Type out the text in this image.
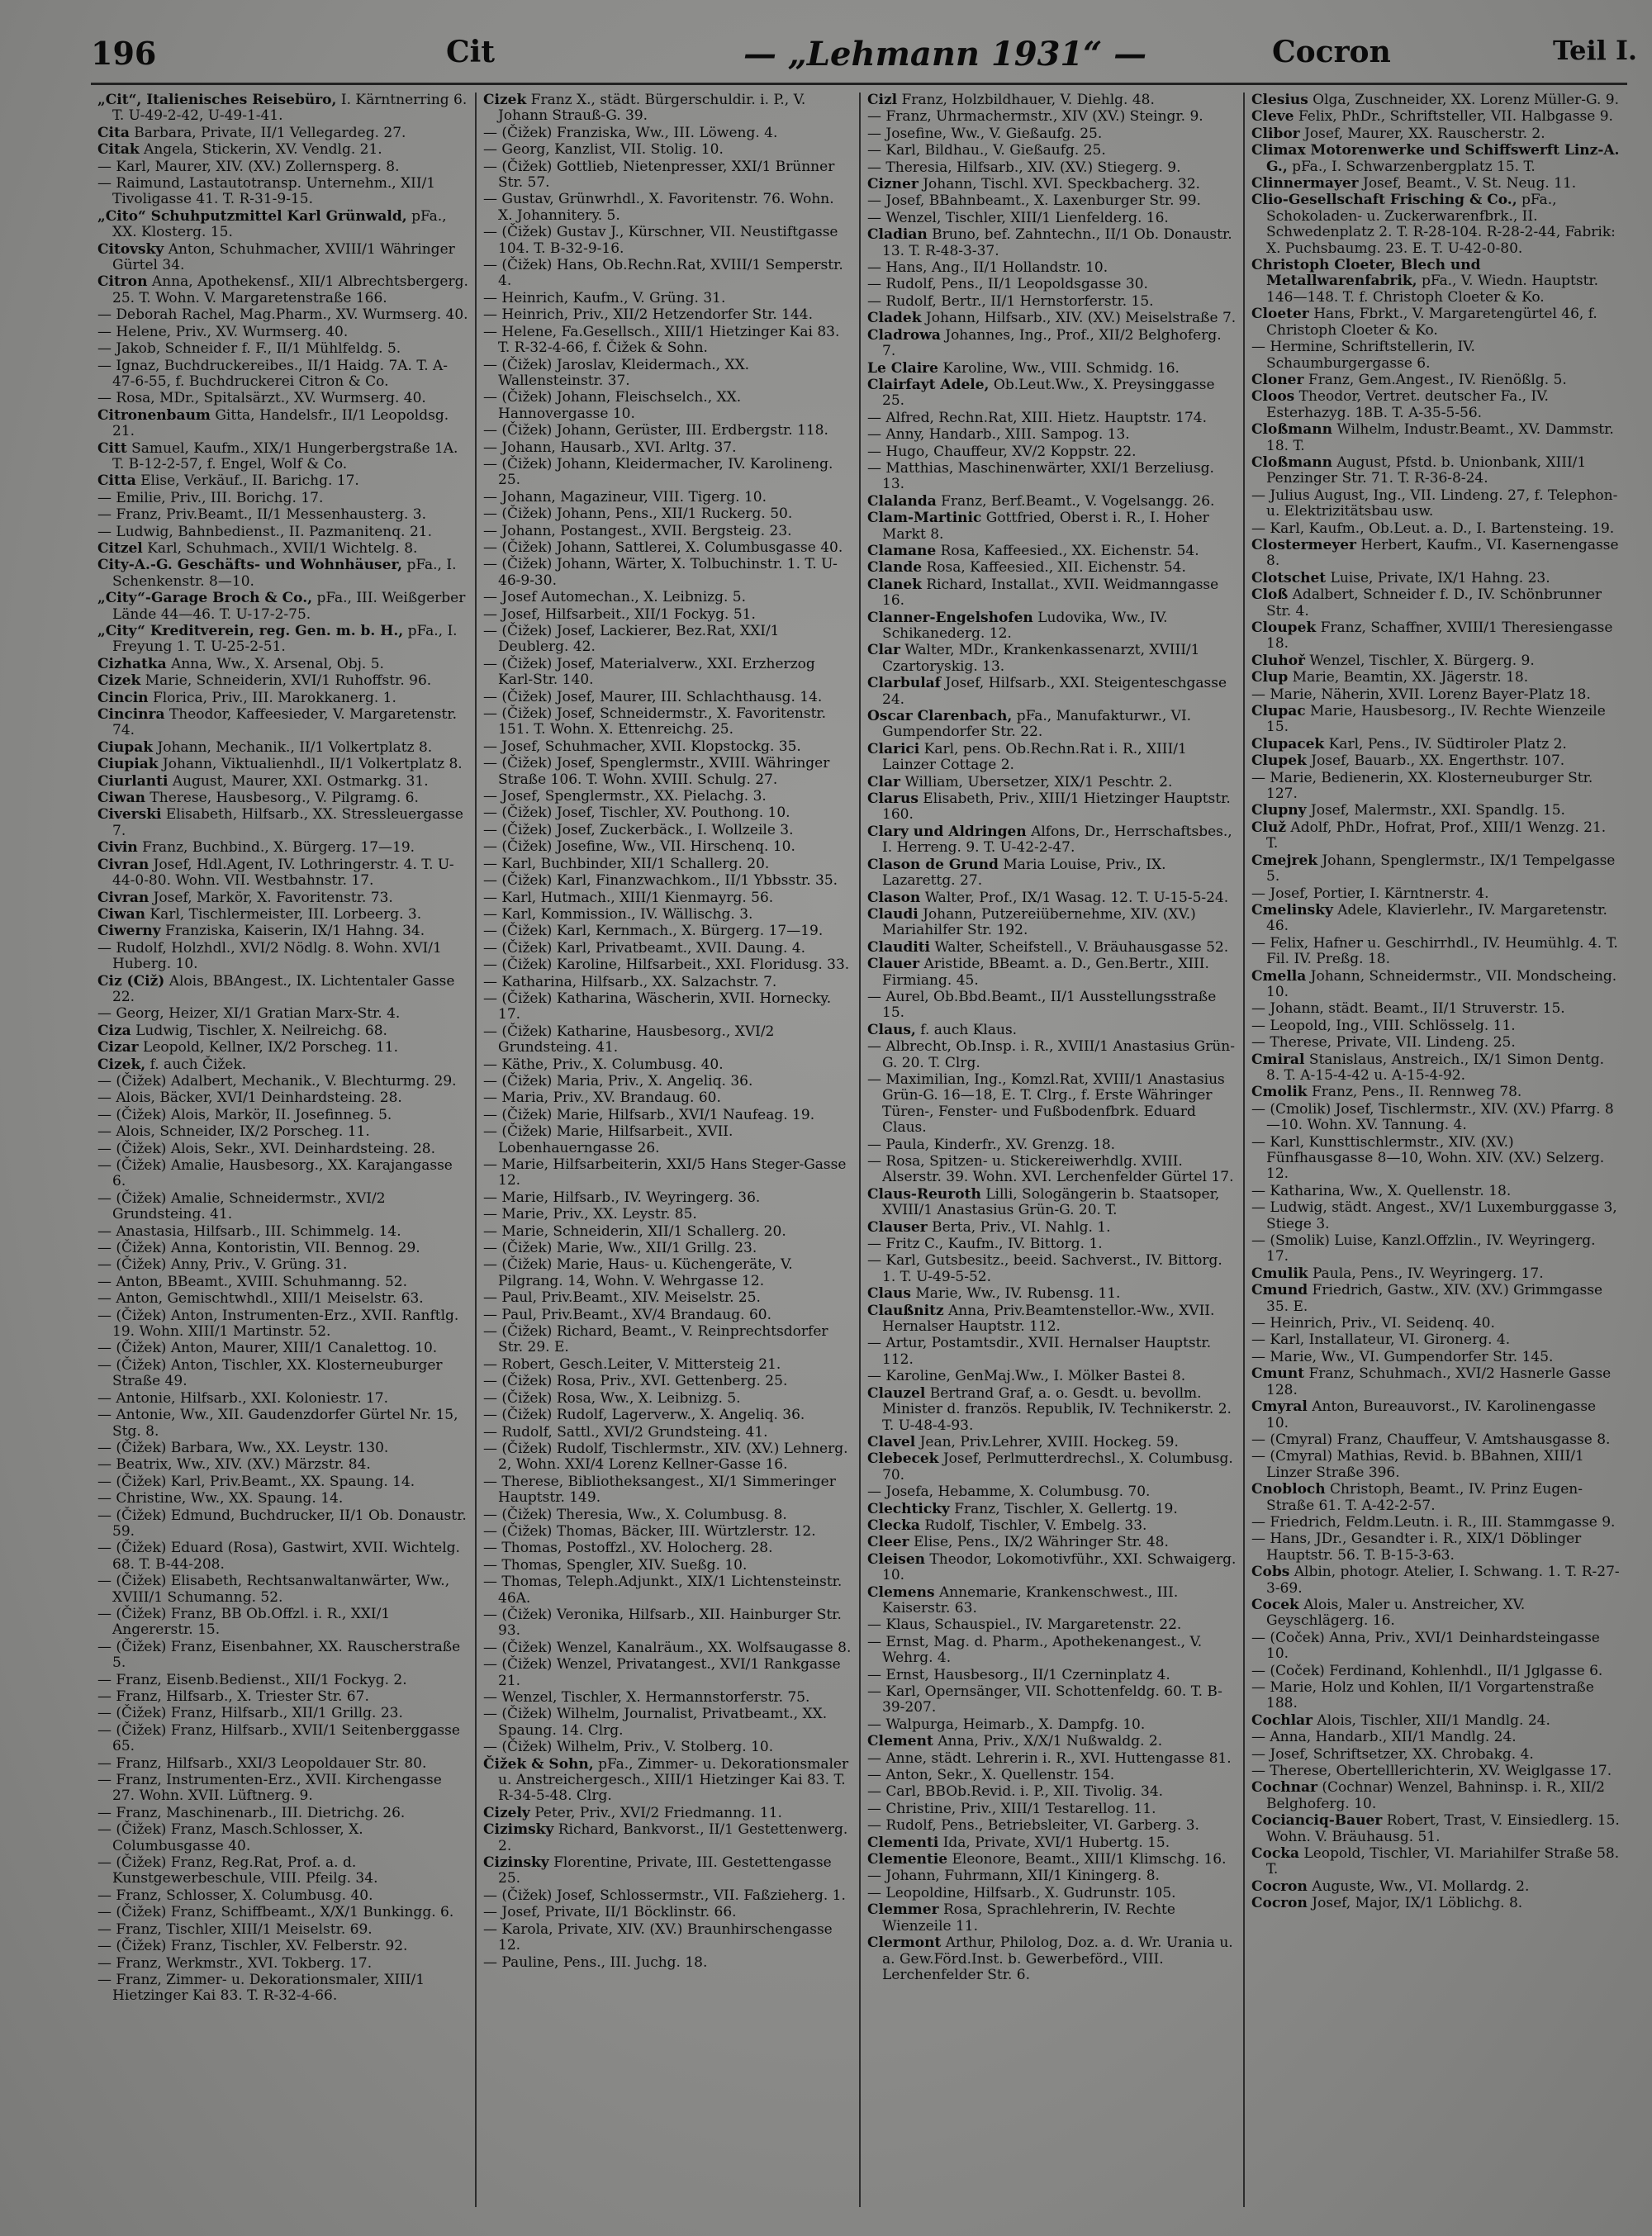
196	Cit	— „Lehmann 1931“ —	Cocron	Teil I.
„Cit“, Italienisches Reisebüro, I. Kärntnerring 6. T. U-49-2-42, U-49-1-41.
Cita Barbara, Private, II/1 Vellegardeg. 27.
Citak Angela, Stickerin, XV. Vendlg. 21.
— Karl, Maurer, XIV. (XV.) Zollernsperg. 8.
— Raimund, Lastautotransp. Unternehm., XII/1 Tivoligasse 41. T. R-31-9-15.
„Cito“ Schuhputzmittel Karl Grünwald, pFa., XX. Klosterg. 15.
Citovsky Anton, Schuhmacher, XVIII/1 Währinger Gürtel 34.
Citron Anna, Apothekensf., XII/1 Albrechtsbergerg. 25. T. Wohn. V. Margaretenstraße 166.
— Deborah Rachel, Mag.Pharm., XV. Wurmserg. 40.
— Helene, Priv., XV. Wurmserg. 40.
— Jakob, Schneider f. F., II/1 Mühlfeldg. 5.
— Ignaz, Buchdruckereibes., II/1 Haidg. 7A. T. A-47-6-55, f. Buchdruckerei Citron & Co.
— Rosa, MDr., Spitalsärzt., XV. Wurmserg. 40.
Citronenbaum Gitta, Handelsfr., II/1 Leopoldsg. 21.
Citt Samuel, Kaufm., XIX/1 Hungerbergstraße 1A. T. B-12-2-57, f. Engel, Wolf & Co.
Citta Elise, Verkäuf., II. Barichg. 17.
— Emilie, Priv., III. Borichg. 17.
— Franz, Priv.Beamt., II/1 Messenhausterg. 3.
— Ludwig, Bahnbedienst., II. Pazmanitenq. 21.
Citzel Karl, Schuhmach., XVII/1 Wichtelg. 8.
City-A.-G. Geschäfts- und Wohnhäuser, pFa., I. Schenkenstr. 8—10.
„City“-Garage Broch & Co., pFa., III. Weißgerber Lände 44—46. T. U-17-2-75.
„City“ Kreditverein, reg. Gen. m. b. H., pFa., I. Freyung 1. T. U-25-2-51.
Cizhatka Anna, Ww., X. Arsenal, Obj. 5.
Cizek Marie, Schneiderin, XVI/1 Ruhoffstr. 96.
Cincin Florica, Priv., III. Marokkanerg. 1.
Cincinra Theodor, Kaffeesieder, V. Margaretenstr. 74.
Ciupak Johann, Mechanik., II/1 Volkertplatz 8.
Ciupiak Johann, Viktualienhdl., II/1 Volkertplatz 8.
Ciurlanti August, Maurer, XXI. Ostmarkg. 31.
Ciwan Therese, Hausbesorg., V. Pilgramg. 6.
Civerski Elisabeth, Hilfsarb., XX. Stressleuergasse 7.
Civin Franz, Buchbind., X. Bürgerg. 17—19.
Civran Josef, Hdl.Agent, IV. Lothringerstr. 4. T. U-44-0-80. Wohn. VII. Westbahnstr. 17.
Civran Josef, Markör, X. Favoritenstr. 73.
Ciwan Karl, Tischlermeister, III. Lorbeerg. 3.
Ciwerny Franziska, Kaiserin, IX/1 Hahng. 34.
— Rudolf, Holzhdl., XVI/2 Nödlg. 8. Wohn. XVI/1 Huberg. 10.
Ciz (Ciž) Alois, BBAngest., IX. Lichtentaler Gasse 22.
— Georg, Heizer, XI/1 Gratian Marx-Str. 4.
Ciza Ludwig, Tischler, X. Neilreichg. 68.
Cizar Leopold, Kellner, IX/2 Porscheg. 11.
Cizek, f. auch Čižek.
— (Čižek) Adalbert, Mechanik., V. Blechturmg. 29.
— Alois, Bäcker, XVI/1 Deinhardsteing. 28.
— (Čižek) Alois, Markör, II. Josefinneg. 5.
— Alois, Schneider, IX/2 Porscheg. 11.
— (Čižek) Alois, Sekr., XVI. Deinhardsteing. 28.
— (Čižek) Amalie, Hausbesorg., XX. Karajangasse 6.
— (Čižek) Amalie, Schneidermstr., XVI/2 Grundsteing. 41.
— Anastasia, Hilfsarb., III. Schimmelg. 14.
— (Čižek) Anna, Kontoristin, VII. Bennog. 29.
— (Čižek) Anny, Priv., V. Grüng. 31.
— Anton, BBeamt., XVIII. Schuhmanng. 52.
— Anton, Gemischtwhdl., XIII/1 Meiselstr. 63.
— (Čižek) Anton, Instrumenten-Erz., XVII. Ranftlg. 19. Wohn. XIII/1 Martinstr. 52.
— (Čižek) Anton, Maurer, XIII/1 Canalettog. 10.
— (Čižek) Anton, Tischler, XX. Klosterneuburger Straße 49.
— Antonie, Hilfsarb., XXI. Koloniestr. 17.
— Antonie, Ww., XII. Gaudenzdorfer Gürtel Nr. 15, Stg. 8.
— (Čižek) Barbara, Ww., XX. Leystr. 130.
— Beatrix, Ww., XIV. (XV.) Märzstr. 84.
— (Čižek) Karl, Priv.Beamt., XX. Spaung. 14.
— Christine, Ww., XX. Spaung. 14.
— (Čižek) Edmund, Buchdrucker, II/1 Ob. Donaustr. 59.
— (Čižek) Eduard (Rosa), Gastwirt, XVII. Wichtelg. 68. T. B-44-208.
— (Čižek) Elisabeth, Rechtsanwaltanwärter, Ww., XVIII/1 Schumanng. 52.
— (Čižek) Franz, BB Ob.Offzl. i. R., XXI/1 Angererstr. 15.
— (Čižek) Franz, Eisenbahner, XX. Rauscherstraße 5.
— Franz, Eisenb.Bedienst., XII/1 Fockyg. 2.
— Franz, Hilfsarb., X. Triester Str. 67.
— (Čižek) Franz, Hilfsarb., XII/1 Grillg. 23.
— (Čižek) Franz, Hilfsarb., XVII/1 Seitenberggasse 65.
— Franz, Hilfsarb., XXI/3 Leopoldauer Str. 80.
— Franz, Instrumenten-Erz., XVII. Kirchengasse 27. Wohn. XVII. Lüftnerg. 9.
— Franz, Maschinenarb., III. Dietrichg. 26.
— (Čižek) Franz, Masch.Schlosser, X. Columbusgasse 40.
— (Čižek) Franz, Reg.Rat, Prof. a. d. Kunstgewerbeschule, VIII. Pfeilg. 34.
— Franz, Schlosser, X. Columbusg. 40.
— (Čižek) Franz, Schiffbeamt., X/X/1 Bunkingg. 6.
— Franz, Tischler, XIII/1 Meiselstr. 69.
— (Čižek) Franz, Tischler, XV. Felberstr. 92.
— Franz, Werkmstr., XVI. Tokberg. 17.
— Franz, Zimmer- u. Dekorationsmaler, XIII/1 Hietzinger Kai 83. T. R-32-4-66.
Cizek Franz X., städt. Bürgerschuldir. i. P., V. Johann Strauß-G. 39.
— (Čižek) Franziska, Ww., III. Löweng. 4.
— Georg, Kanzlist, VII. Stolig. 10.
— (Čižek) Gottlieb, Nietenpresser, XXI/1 Brünner Str. 57.
— Gustav, Grünwrhdl., X. Favoritenstr. 76. Wohn. X. Johannitery. 5.
— (Čižek) Gustav J., Kürschner, VII. Neustiftgasse 104. T. B-32-9-16.
— (Čižek) Hans, Ob.Rechn.Rat, XVIII/1 Semperstr. 4.
— Heinrich, Kaufm., V. Grüng. 31.
— Heinrich, Priv., XII/2 Hetzendorfer Str. 144.
— Helene, Fa.Gesellsch., XIII/1 Hietzinger Kai 83. T. R-32-4-66, f. Čižek & Sohn.
— (Čižek) Jaroslav, Kleidermach., XX. Wallensteinstr. 37.
— (Čižek) Johann, Fleischselch., XX. Hannovergasse 10.
— (Čižek) Johann, Gerüster, III. Erdbergstr. 118.
— Johann, Hausarb., XVI. Arltg. 37.
— (Čižek) Johann, Kleidermacher, IV. Karolineng. 25.
— Johann, Magazineur, VIII. Tigerg. 10.
— (Čižek) Johann, Pens., XII/1 Ruckerg. 50.
— Johann, Postangest., XVII. Bergsteig. 23.
— (Čižek) Johann, Sattlerei, X. Columbusgasse 40.
— (Čižek) Johann, Wärter, X. Tolbuchinstr. 1. T. U-46-9-30.
— Josef Automechan., X. Leibnizg. 5.
— Josef, Hilfsarbeit., XII/1 Fockyg. 51.
— (Čižek) Josef, Lackierer, Bez.Rat, XXI/1 Deublerg. 42.
— (Čižek) Josef, Materialverw., XXI. Erzherzog Karl-Str. 140.
— (Čižek) Josef, Maurer, III. Schlachthausg. 14.
— (Čižek) Josef, Schneidermstr., X. Favoritenstr. 151. T. Wohn. X. Ettenreichg. 25.
— Josef, Schuhmacher, XVII. Klopstockg. 35.
— (Čižek) Josef, Spenglermstr., XVIII. Währinger Straße 106. T. Wohn. XVIII. Schulg. 27.
— Josef, Spenglermstr., XX. Pielachg. 3.
— (Čižek) Josef, Tischler, XV. Pouthong. 10.
— (Čižek) Josef, Zuckerbäck., I. Wollzeile 3.
— (Čižek) Josefine, Ww., VII. Hirschenq. 10.
— Karl, Buchbinder, XII/1 Schallerg. 20.
— (Čižek) Karl, Finanzwachkom., II/1 Ybbsstr. 35.
— Karl, Hutmach., XIII/1 Kienmayrg. 56.
— Karl, Kommission., IV. Wällischg. 3.
— (Čižek) Karl, Kernmach., X. Bürgerg. 17—19.
— (Čižek) Karl, Privatbeamt., XVII. Daung. 4.
— (Čižek) Karoline, Hilfsarbeit., XXI. Floridusg. 33.
— Katharina, Hilfsarb., XX. Salzachstr. 7.
— (Čižek) Katharina, Wäscherin, XVII. Hornecky. 17.
— (Čižek) Katharine, Hausbesorg., XVI/2 Grundsteing. 41.
— Käthe, Priv., X. Columbusg. 40.
— (Čižek) Maria, Priv., X. Angeliq. 36.
— Maria, Priv., XV. Brandaug. 60.
— (Čižek) Marie, Hilfsarb., XVI/1 Naufeag. 19.
— (Čižek) Marie, Hilfsarbeit., XVII. Lobenhauerngasse 26.
— Marie, Hilfsarbeiterin, XXI/5 Hans Steger-Gasse 12.
— Marie, Hilfsarb., IV. Weyringerg. 36.
— Marie, Priv., XX. Leystr. 85.
— Marie, Schneiderin, XII/1 Schallerg. 20.
— (Čižek) Marie, Ww., XII/1 Grillg. 23.
— (Čižek) Marie, Haus- u. Küchengeräte, V. Pilgrang. 14, Wohn. V. Wehrgasse 12.
— Paul, Priv.Beamt., XIV. Meiselstr. 25.
— Paul, Priv.Beamt., XV/4 Brandaug. 60.
— (Čižek) Richard, Beamt., V. Reinprechtsdorfer Str. 29. E.
— Robert, Gesch.Leiter, V. Mittersteig 21.
— (Čižek) Rosa, Priv., XVI. Gettenberg. 25.
— (Čižek) Rosa, Ww., X. Leibnizg. 5.
— (Čižek) Rudolf, Lagerverw., X. Angeliq. 36.
— Rudolf, Sattl., XVI/2 Grundsteing. 41.
— (Čižek) Rudolf, Tischlermstr., XIV. (XV.) Lehnerg. 2, Wohn. XXI/4 Lorenz Kellner-Gasse 16.
— Therese, Bibliotheksangest., XI/1 Simmeringer Hauptstr. 149.
— (Čižek) Theresia, Ww., X. Columbusg. 8.
— (Čižek) Thomas, Bäcker, III. Würtzlerstr. 12.
— Thomas, Postoffzl., XV. Holocherg. 28.
— Thomas, Spengler, XIV. Sueßg. 10.
— Thomas, Teleph.Adjunkt., XIX/1 Lichtensteinstr. 46A.
— (Čižek) Veronika, Hilfsarb., XII. Hainburger Str. 93.
— (Čižek) Wenzel, Kanalräum., XX. Wolfsaugasse 8.
— (Čižek) Wenzel, Privatangest., XVI/1 Rankgasse 21.
— Wenzel, Tischler, X. Hermannstorferstr. 75.
— (Čižek) Wilhelm, Journalist, Privatbeamt., XX. Spaung. 14. Clrg.
— (Čižek) Wilhelm, Priv., V. Stolberg. 10.
Čižek & Sohn, pFa., Zimmer- u. Dekorationsmaler u. Anstreichergesch., XIII/1 Hietzinger Kai 83. T. R-34-5-48. Clrg.
Cizely Peter, Priv., XVI/2 Friedmanng. 11.
Cizimsky Richard, Bankvorst., II/1 Gestettenwerg. 2.
Cizinsky Florentine, Private, III. Gestettengasse 25.
— (Čižek) Josef, Schlossermstr., VII. Faßzieherg. 1.
— Josef, Private, II/1 Böcklinstr. 66.
— Karola, Private, XIV. (XV.) Braunhirschengasse 12.
— Pauline, Pens., III. Juchg. 18.
Cizl Franz, Holzbildhauer, V. Diehlg. 48.
— Franz, Uhrmachermstr., XIV (XV.) Steingr. 9.
— Josefine, Ww., V. Gießaufg. 25.
— Karl, Bildhau., V. Gießaufg. 25.
— Theresia, Hilfsarb., XIV. (XV.) Stiegerg. 9.
Cizner Johann, Tischl. XVI. Speckbacherg. 32.
— Josef, BBahnbeamt., X. Laxenburger Str. 99.
— Wenzel, Tischler, XIII/1 Lienfelderg. 16.
Cladian Bruno, bef. Zahntechn., II/1 Ob. Donaustr. 13. T. R-48-3-37.
— Hans, Ang., II/1 Hollandstr. 10.
— Rudolf, Pens., II/1 Leopoldsgasse 30.
— Rudolf, Bertr., II/1 Hernstorferstr. 15.
Cladek Johann, Hilfsarb., XIV. (XV.) Meiselstraße 7.
Cladrowa Johannes, Ing., Prof., XII/2 Belghoferg. 7.
Le Claire Karoline, Ww., VIII. Schmidg. 16.
Clairfayt Adele, Ob.Leut.Ww., X. Preysinggasse 25.
— Alfred, Rechn.Rat, XIII. Hietz. Hauptstr. 174.
— Anny, Handarb., XIII. Sampog. 13.
— Hugo, Chauffeur, XV/2 Koppstr. 22.
— Matthias, Maschinenwärter, XXI/1 Berzeliusg. 13.
Clalanda Franz, Berf.Beamt., V. Vogelsangg. 26.
Clam-Martinic Gottfried, Oberst i. R., I. Hoher Markt 8.
Clamane Rosa, Kaffeesied., XX. Eichenstr. 54.
Clande Rosa, Kaffeesied., XII. Eichenstr. 54.
Clanek Richard, Installat., XVII. Weidmanngasse 16.
Clanner-Engelshofen Ludovika, Ww., IV. Schikanederg. 12.
Clar Walter, MDr., Krankenkassenarzt, XVIII/1 Czartoryskig. 13.
Clarbulaf Josef, Hilfsarb., XXI. Steigenteschgasse 24.
Oscar Clarenbach, pFa., Manufakturwr., VI. Gumpendorfer Str. 22.
Clarici Karl, pens. Ob.Rechn.Rat i. R., XIII/1 Lainzer Cottage 2.
Clar William, Ubersetzer, XIX/1 Peschtr. 2.
Clarus Elisabeth, Priv., XIII/1 Hietzinger Hauptstr. 160.
Clary und Aldringen Alfons, Dr., Herrschaftsbes., I. Herreng. 9. T. U-42-2-47.
Clason de Grund Maria Louise, Priv., IX. Lazarettg. 27.
Clason Walter, Prof., IX/1 Wasag. 12. T. U-15-5-24.
Claudi Johann, Putzereiübernehme, XIV. (XV.) Mariahilfer Str. 192.
Clauditi Walter, Scheifstell., V. Bräuhausgasse 52.
Clauer Aristide, BBeamt. a. D., Gen.Bertr., XIII. Firmiang. 45.
— Aurel, Ob.Bbd.Beamt., II/1 Ausstellungsstraße 15.
Claus, f. auch Klaus.
— Albrecht, Ob.Insp. i. R., XVIII/1 Anastasius Grün-G. 20. T. Clrg.
— Maximilian, Ing., Komzl.Rat, XVIII/1 Anastasius Grün-G. 16—18, E. T. Clrg., f. Erste Währinger Türen-, Fenster- und Fußbodenfbrk. Eduard Claus.
— Paula, Kinderfr., XV. Grenzg. 18.
— Rosa, Spitzen- u. Stickereiwerhdlg. XVIII. Alserstr. 39. Wohn. XVI. Lerchenfelder Gürtel 17.
Claus-Reuroth Lilli, Sologängerin b. Staatsoper, XVIII/1 Anastasius Grün-G. 20. T.
Clauser Berta, Priv., VI. Nahlg. 1.
— Fritz C., Kaufm., IV. Bittorg. 1.
— Karl, Gutsbesitz., beeid. Sachverst., IV. Bittorg. 1. T. U-49-5-52.
Claus Marie, Ww., IV. Rubensg. 11.
Claußnitz Anna, Priv.Beamtenstellor.-Ww., XVII. Hernalser Hauptstr. 112.
— Artur, Postamtsdir., XVII. Hernalser Hauptstr. 112.
— Karoline, GenMaj.Ww., I. Mölker Bastei 8.
Clauzel Bertrand Graf, a. o. Gesdt. u. bevollm. Minister d. französ. Republik, IV. Technikerstr. 2. T. U-48-4-93.
Clavel Jean, Priv.Lehrer, XVIII. Hockeg. 59.
Clebecek Josef, Perlmutterdrechsl., X. Columbusg. 70.
— Josefa, Hebamme, X. Columbusg. 70.
Clechticky Franz, Tischler, X. Gellertg. 19.
Clecka Rudolf, Tischler, V. Embelg. 33.
Cleer Elise, Pens., IX/2 Währinger Str. 48.
Cleisen Theodor, Lokomotivführ., XXI. Schwaigerg. 10.
Clemens Annemarie, Krankenschwest., III. Kaiserstr. 63.
— Klaus, Schauspiel., IV. Margaretenstr. 22.
— Ernst, Mag. d. Pharm., Apothekenangest., V. Wehrg. 4.
— Ernst, Hausbesorg., II/1 Czerninplatz 4.
— Karl, Opernsänger, VII. Schottenfeldg. 60. T. B-39-207.
— Walpurga, Heimarb., X. Dampfg. 10.
Clement Anna, Priv., X/X/1 Nußwaldg. 2.
— Anne, städt. Lehrerin i. R., XVI. Huttengasse 81.
— Anton, Sekr., X. Quellenstr. 154.
— Carl, BBOb.Revid. i. P., XII. Tivolig. 34.
— Christine, Priv., XIII/1 Testarellog. 11.
— Rudolf, Pens., Betriebsleiter, VI. Garberg. 3.
Clementi Ida, Private, XVI/1 Hubertg. 15.
Clementie Eleonore, Beamt., XIII/1 Klimschg. 16.
— Johann, Fuhrmann, XII/1 Kiningerg. 8.
— Leopoldine, Hilfsarb., X. Gudrunstr. 105.
Clemmer Rosa, Sprachlehrerin, IV. Rechte Wienzeile 11.
Clermont Arthur, Philolog, Doz. a. d. Wr. Urania u. a. Gew.Förd.Inst. b. Gewerbeförd., VIII. Lerchenfelder Str. 6.
Clesius Olga, Zuschneider, XX. Lorenz Müller-G. 9.
Cleve Felix, PhDr., Schriftsteller, VII. Halbgasse 9.
Clibor Josef, Maurer, XX. Rauscherstr. 2.
Climax Motorenwerke und Schiffswerft Linz-A. G., pFa., I. Schwarzenbergplatz 15. T.
Clinnermayer Josef, Beamt., V. St. Neug. 11.
Clio-Gesellschaft Frisching & Co., pFa., Schokoladen- u. Zuckerwarenfbrk., II. Schwedenplatz 2. T. R-28-104. R-28-2-44, Fabrik: X. Puchsbaumg. 23. E. T. U-42-0-80.
Christoph Cloeter, Blech und Metallwarenfabrik, pFa., V. Wiedn. Hauptstr. 146—148. T. f. Christoph Cloeter & Ko.
Cloeter Hans, Fbrkt., V. Margaretengürtel 46, f. Christoph Cloeter & Ko.
— Hermine, Schriftstellerin, IV. Schaumburgergasse 6.
Cloner Franz, Gem.Angest., IV. Rienößlg. 5.
Cloos Theodor, Vertret. deutscher Fa., IV. Esterhazyg. 18B. T. A-35-5-56.
Cloßmann Wilhelm, Industr.Beamt., XV. Dammstr. 18. T.
Cloßmann August, Pfstd. b. Unionbank, XIII/1 Penzinger Str. 71. T. R-36-8-24.
— Julius August, Ing., VII. Lindeng. 27, f. Telephon- u. Elektrizitätsbau usw.
— Karl, Kaufm., Ob.Leut. a. D., I. Bartensteing. 19.
Clostermeyer Herbert, Kaufm., VI. Kasernengasse 8.
Clotschet Luise, Private, IX/1 Hahng. 23.
Cloß Adalbert, Schneider f. D., IV. Schönbrunner Str. 4.
Cloupek Franz, Schaffner, XVIII/1 Theresiengasse 18.
Cluhoř Wenzel, Tischler, X. Bürgerg. 9.
Clup Marie, Beamtin, XX. Jägerstr. 18.
— Marie, Näherin, XVII. Lorenz Bayer-Platz 18.
Clupac Marie, Hausbesorg., IV. Rechte Wienzeile 15.
Clupacek Karl, Pens., IV. Südtiroler Platz 2.
Clupek Josef, Bauarb., XX. Engerthstr. 107.
— Marie, Bedienerin, XX. Klosterneuburger Str. 127.
Clupny Josef, Malermstr., XXI. Spandlg. 15.
Cluž Adolf, PhDr., Hofrat, Prof., XIII/1 Wenzg. 21. T.
Cmejrek Johann, Spenglermstr., IX/1 Tempelgasse 5.
— Josef, Portier, I. Kärntnerstr. 4.
Cmelinsky Adele, Klavierlehr., IV. Margaretenstr. 46.
— Felix, Hafner u. Geschirrhdl., IV. Heumühlg. 4. T. Fil. IV. Preßg. 18.
Cmella Johann, Schneidermstr., VII. Mondscheing. 10.
— Johann, städt. Beamt., II/1 Struverstr. 15.
— Leopold, Ing., VIII. Schlösselg. 11.
— Therese, Private, VII. Lindeng. 25.
Cmiral Stanislaus, Anstreich., IX/1 Simon Dentg. 8. T. A-15-4-42 u. A-15-4-92.
Cmolik Franz, Pens., II. Rennweg 78.
— (Cmolik) Josef, Tischlermstr., XIV. (XV.) Pfarrg. 8—10. Wohn. XV. Tannung. 4.
— Karl, Kunsttischlermstr., XIV. (XV.) Fünfhausgasse 8—10, Wohn. XIV. (XV.) Selzerg. 12.
— Katharina, Ww., X. Quellenstr. 18.
— Ludwig, städt. Angest., XV/1 Luxemburggasse 3, Stiege 3.
— (Smolik) Luise, Kanzl.Offzlin., IV. Weyringerg. 17.
Cmulik Paula, Pens., IV. Weyringerg. 17.
Cmund Friedrich, Gastw., XIV. (XV.) Grimmgasse 35. E.
— Heinrich, Priv., VI. Seidenq. 40.
— Karl, Installateur, VI. Gironerg. 4.
— Marie, Ww., VI. Gumpendorfer Str. 145.
Cmunt Franz, Schuhmach., XVI/2 Hasnerle Gasse 128.
Cmyral Anton, Bureauvorst., IV. Karolinengasse 10.
— (Cmyral) Franz, Chauffeur, V. Amtshausgasse 8.
— (Cmyral) Mathias, Revid. b. BBahnen, XIII/1 Linzer Straße 396.
Cnobloch Christoph, Beamt., IV. Prinz Eugen-Straße 61. T. A-42-2-57.
— Friedrich, Feldm.Leutn. i. R., III. Stammgasse 9.
— Hans, JDr., Gesandter i. R., XIX/1 Döblinger Hauptstr. 56. T. B-15-3-63.
Cobs Albin, photogr. Atelier, I. Schwang. 1. T. R-27-3-69.
Cocek Alois, Maler u. Anstreicher, XV. Geyschlägerg. 16.
— (Coček) Anna, Priv., XVI/1 Deinhardsteingasse 10.
— (Coček) Ferdinand, Kohlenhdl., II/1 Jglgasse 6.
— Marie, Holz und Kohlen, II/1 Vorgartenstraße 188.
Cochlar Alois, Tischler, XII/1 Mandlg. 24.
— Anna, Handarb., XII/1 Mandlg. 24.
— Josef, Schriftsetzer, XX. Chrobakg. 4.
— Therese, Obertelllerichterin, XV. Weiglgasse 17.
Cochnar (Cochnar) Wenzel, Bahninsp. i. R., XII/2 Belghoferg. 10.
Cocianciq-Bauer Robert, Trast, V. Einsiedlerg. 15. Wohn. V. Bräuhausg. 51.
Cocka Leopold, Tischler, VI. Mariahilfer Straße 58. T.
Cocron Auguste, Ww., VI. Mollardg. 2.
Cocron Josef, Major, IX/1 Löblichg. 8.
